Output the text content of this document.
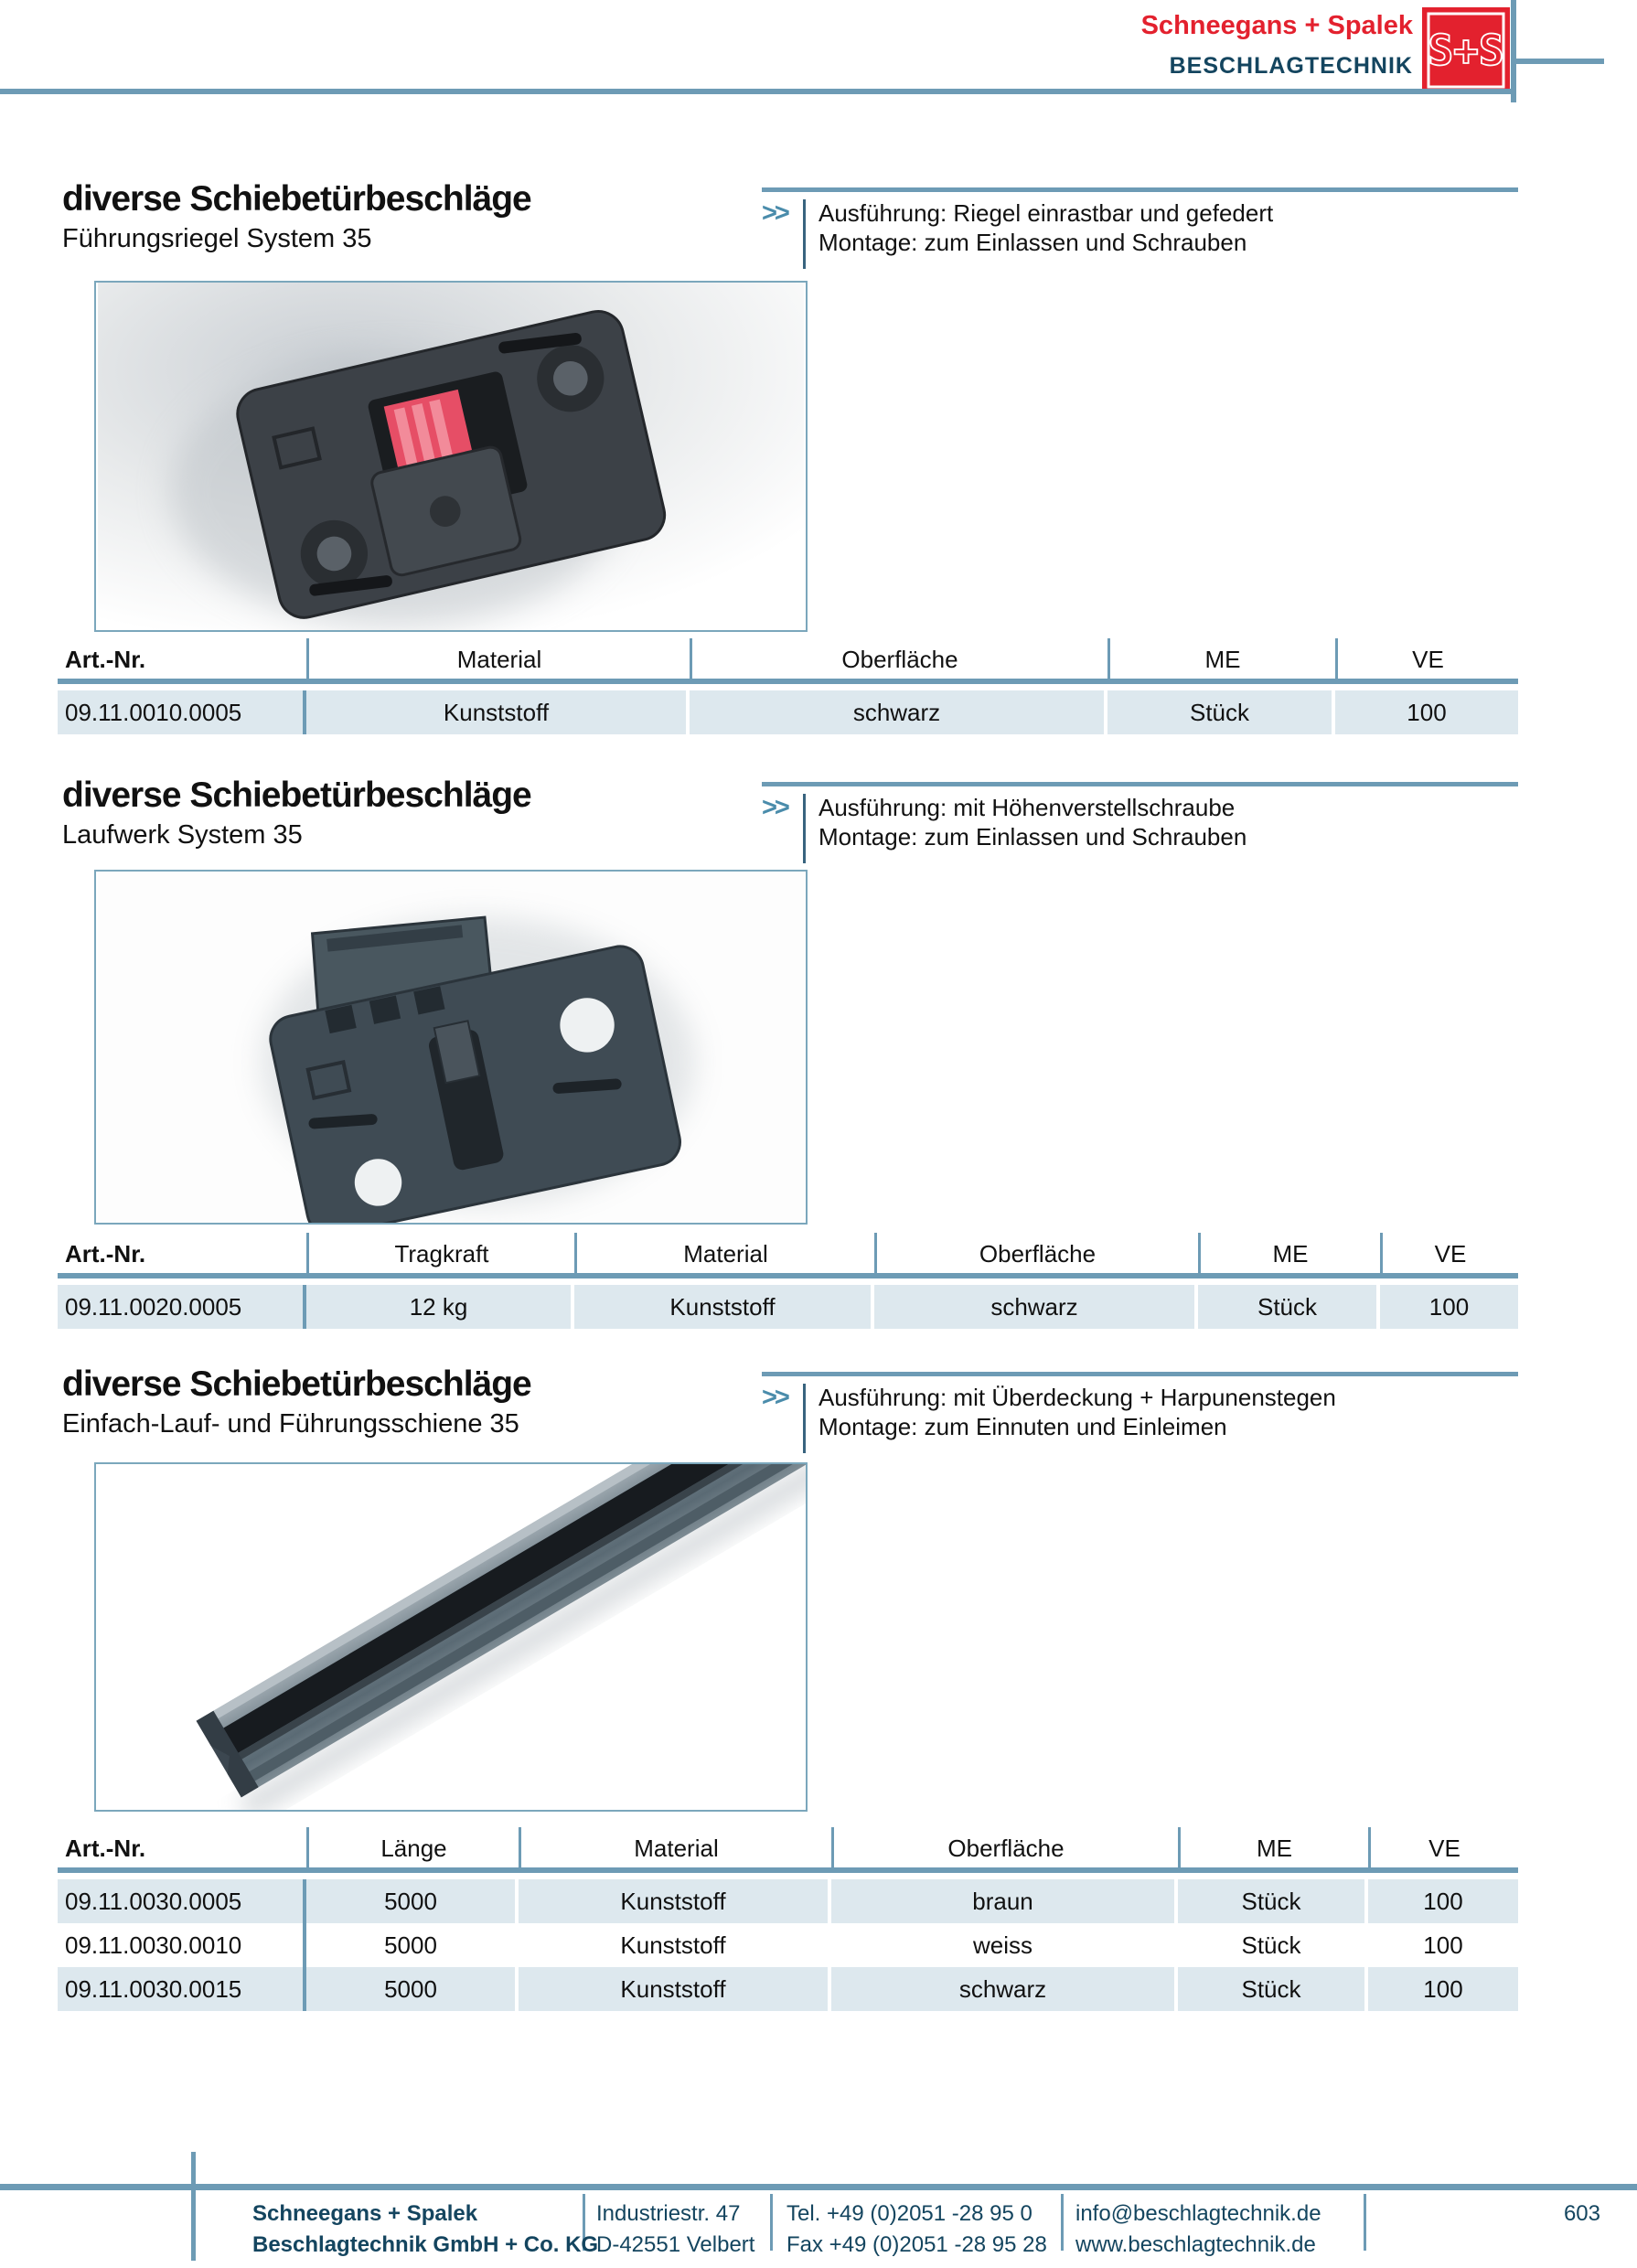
Schneegans + Spalek
BESCHLAGTECHNIK S+S
diverse Schiebetürbeschläge
Führungsriegel System 35
>> Ausführung: Riegel einrastbar und gefedert
Montage: zum Einlassen und Schrauben
Art.-Nr.	Material	Oberfläche	ME	VE
09.11.0010.0005	Kunststoff	schwarz	Stück	100
diverse Schiebetürbeschläge
Laufwerk System 35
>> Ausführung: mit Höhenverstellschraube
Montage: zum Einlassen und Schrauben
Art.-Nr.	Tragkraft	Material	Oberfläche	ME	VE
09.11.0020.0005	12 kg	Kunststoff	schwarz	Stück	100
diverse Schiebetürbeschläge
Einfach-Lauf- und Führungsschiene 35
>> Ausführung: mit Überdeckung + Harpunenstegen
Montage: zum Einnuten und Einleimen
Art.-Nr.	Länge	Material	Oberfläche	ME	VE
09.11.0030.0005	5000	Kunststoff	braun	Stück	100
09.11.0030.0010	5000	Kunststoff	weiss	Stück	100
09.11.0030.0015	5000	Kunststoff	schwarz	Stück	100
Schneegans + Spalek
Beschlagtechnik GmbH + Co. KG
Industriestr. 47
D-42551 Velbert
Tel. +49 (0)2051 -28 95 0
Fax +49 (0)2051 -28 95 28
info@beschlagtechnik.de
www.beschlagtechnik.de
603
